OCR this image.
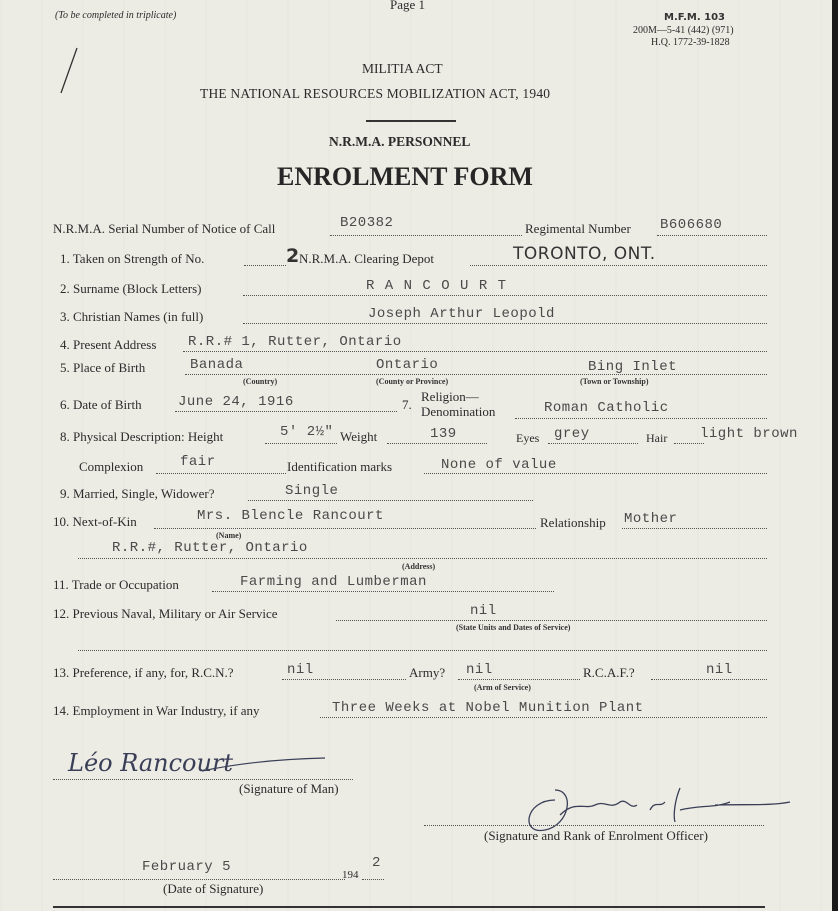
(To be completed in triplicate)
Page 1
M.F.M. 103
200M—5-41 (442) (971)
H.Q. 1772-39-1828
MILITIA ACT
THE NATIONAL RESOURCES MOBILIZATION ACT, 1940
N.R.M.A. PERSONNEL
ENROLMENT FORM
N.R.M.A. Serial Number of Notice of Call	B20382	Regimental Number B606680
1. Taken on Strength of No.	2 N.R.M.A. Clearing Depot	TORONTO, ONT.
2. Surname (Block Letters)	R A N C O U R T
3. Christian Names (in full)	Joseph Arthur Leopold
4. Present Address R.R.# 1, Rutter, Ontario
5. Place of Birth	Banada
(Country)
Ontario
(County or Province)
Bing Inlet
(Town or Township)
6. Date of Birth	June 24, 1916	7.
Religion—
Denomination	Roman Catholic
8. Physical Description: Height	5' 2½" Weight	139	Eyes grey	Hair light brown
Complexion	fair	Identification marks	None of value
9. Married, Single, Widower?	Single
10. Next-of-Kin	Mrs. Blencle Rancourt
(Name)
Relationship Mother
R.R.#, Rutter, Ontario
(Address)
11. Trade or Occupation	Farming and Lumberman
12. Previous Naval, Military or Air Service	nil
(State Units and Dates of Service)
13. Preference, if any, for, R.C.N.?	nil	Army? nil
(Arm of Service)
R.C.A.F.?	nil
14. Employment in War Industry, if any	Three Weeks at Nobel Munition Plant
Léo Rancourt
(Signature of Man)
(Signature and Rank of Enrolment Officer)
February 5	194
2
(Date of Signature)
